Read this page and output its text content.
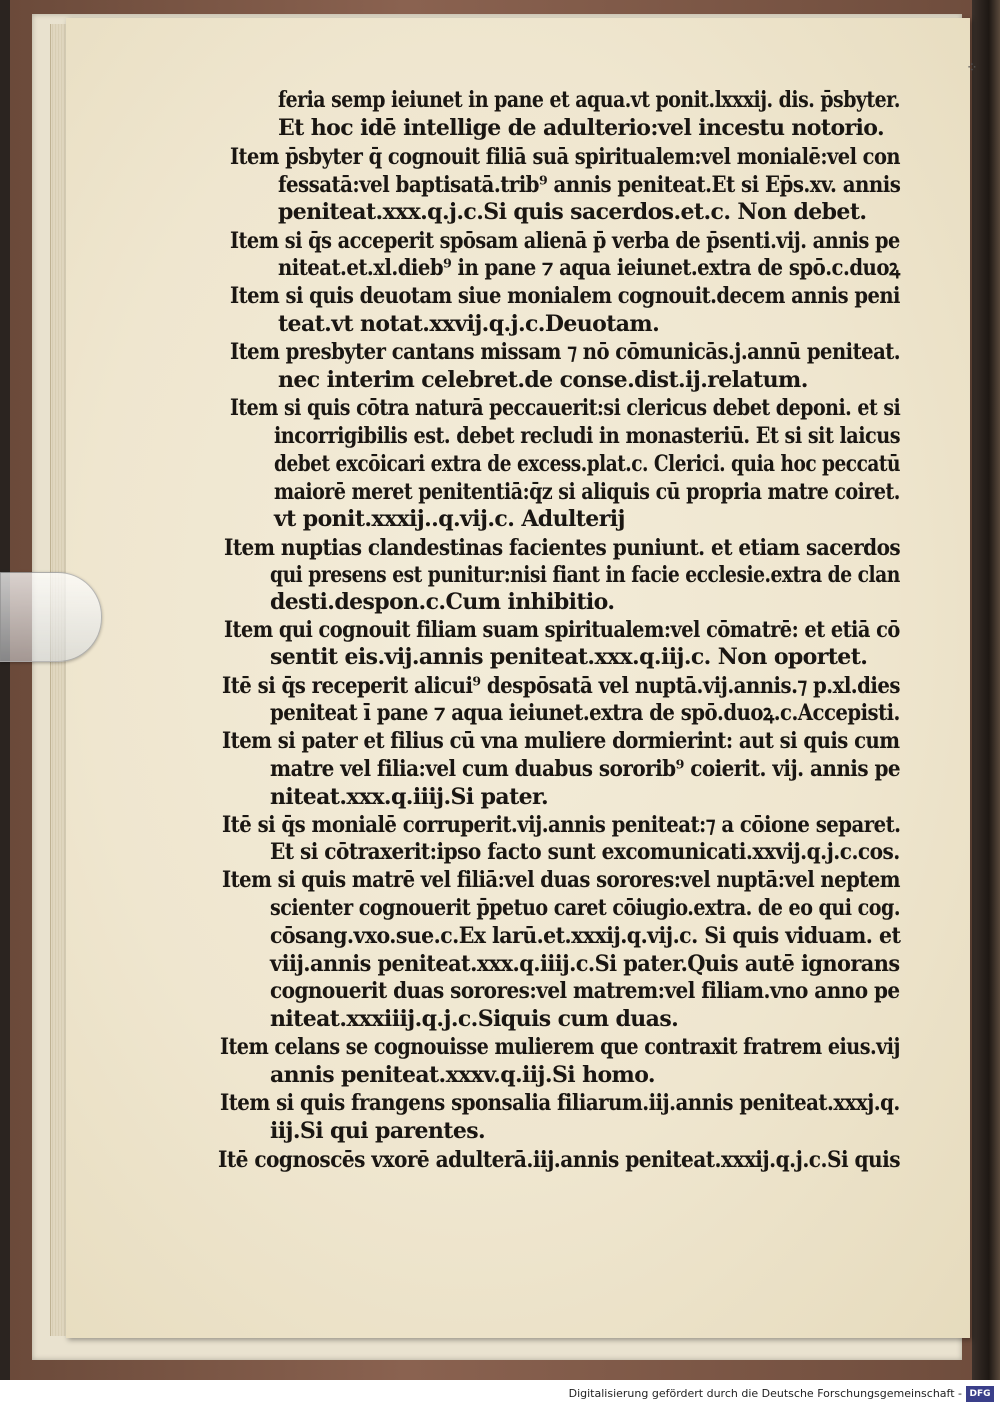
feria semp ieiunet in pane et aqua.vt ponit.lxxxij. dis. p̄sbyter.
Et hoc idē intellige de adulterio:vel incestu notorio.
Item p̄sbyter q̄ cognouit filiā suā spiritualem:vel monialē:vel con
fessatā:vel baptisatā.trib⁹ annis peniteat.Et si Ep̄s.xv. annis
peniteat.xxx.q.j.c.Si quis sacerdos.et.c. Non debet.
Item si q̄s acceperit spōsam alienā p̄ verba de p̄senti.vij. annis pe
niteat.et.xl.dieb⁹ in pane ⁊ aqua ieiunet.extra de spō.c.duoꝝ
Item si quis deuotam siue monialem cognouit.decem annis peni
teat.vt notat.xxvij.q.j.c.Deuotam.
Item presbyter cantans missam ⁊ nō cōmunicās.j.annū peniteat.
nec interim celebret.de conse.dist.ij.relatum.
Item si quis cōtra naturā peccauerit:si clericus debet deponi. et si
incorrigibilis est. debet recludi in monasteriū. Et si sit laicus
debet excōicari extra de excess.plat.c. Clerici. quia hoc peccatū
maiorē meret penitentiā:q̄z si aliquis cū propria matre coiret.
vt ponit.xxxij..q.vij.c. Adulterij
Item nuptias clandestinas facientes puniunt. et etiam sacerdos
qui presens est punitur:nisi fiant in facie ecclesie.extra de clan
desti.despon.c.Cum inhibitio.
Item qui cognouit filiam suam spiritualem:vel cōmatrē: et etiā cō
sentit eis.vij.annis peniteat.xxx.q.iij.c. Non oportet.
Itē si q̄s receperit alicui⁹ despōsatā vel nuptā.vij.annis.⁊ p.xl.dies
peniteat ī pane ⁊ aqua ieiunet.extra de spō.duoꝝ.c.Accepisti.
Item si pater et filius cū vna muliere dormierint: aut si quis cum
matre vel filia:vel cum duabus sororib⁹ coierit. vij. annis pe
niteat.xxx.q.iiij.Si pater.
Itē si q̄s monialē corruperit.vij.annis peniteat:⁊ a cōione separet.
Et si cōtraxerit:ipso facto sunt excomunicati.xxvij.q.j.c.cos.
Item si quis matrē vel filiā:vel duas sorores:vel nuptā:vel neptem
scienter cognouerit p̄petuo caret cōiugio.extra. de eo qui cog.
cōsang.vxo.sue.c.Ex larū.et.xxxij.q.vij.c. Si quis viduam. et
viij.annis peniteat.xxx.q.iiij.c.Si pater.Quis autē ignorans
cognouerit duas sorores:vel matrem:vel filiam.vno anno pe
niteat.xxxiiij.q.j.c.Siquis cum duas.
Item celans se cognouisse mulierem que contraxit fratrem eius.vij
annis peniteat.xxxv.q.iij.Si homo.
Item si quis frangens sponsalia filiarum.iij.annis peniteat.xxxj.q.
iij.Si qui parentes.
Itē cognoscēs vxorē adulterā.iij.annis peniteat.xxxij.q.j.c.Si quis
⁘
Digitalisierung gefördert durch die Deutsche Forschungsgemeinschaft - DFG
